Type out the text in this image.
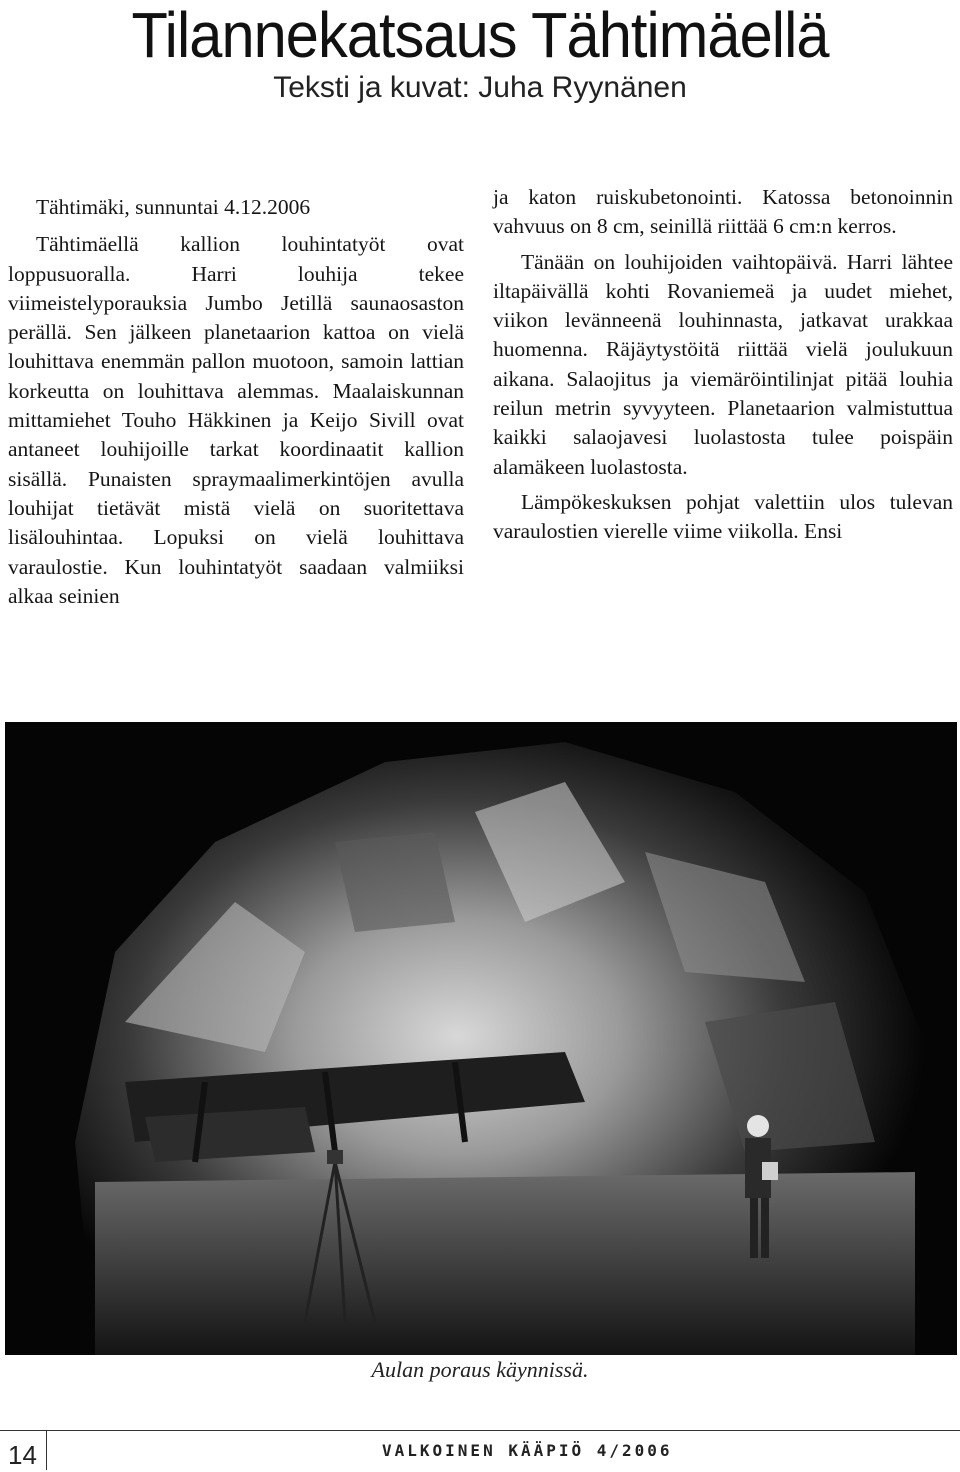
Tilannekatsaus Tähtimäellä
Teksti ja kuvat: Juha Ryynänen

Tähtimäki, sunnuntai 4.12.2006

Tähtimäellä kallion louhintatyöt ovat loppusuoralla. Harri louhija tekee viimeistelyporauksia Jumbo Jetillä saunaosaston perällä. Sen jälkeen planetaarion kattoa on vielä louhittava enemmän pallon muotoon, samoin lattian korkeutta on louhittava alemmas. Maalaiskunnan mittamiehet Touho Häkkinen ja Keijo Sivill ovat antaneet louhijoille tarkat koordinaatit kallion sisällä. Punaisten spraymaalimerkintöjen avulla louhijat tietävät mistä vielä on suoritettava lisälouhintaa. Lopuksi on vielä louhittava varaulostie. Kun louhintatyöt saadaan valmiiksi alkaa seinien

ja katon ruiskubetonointi. Katossa betonoinnin vahvuus on 8 cm, seinillä riittää 6 cm:n kerros.

Tänään on louhijoiden vaihtopäivä. Harri lähtee iltapäivällä kohti Rovaniemeä ja uudet miehet, viikon levänneenä louhinnasta, jatkavat urakkaa huomenna. Räjäytystöitä riittää vielä joulukuun aikana. Salaojitus ja viemäröintilinjat pitää louhia reilun metrin syvyyteen. Planetaarion valmistuttua kaikki salaojavesi luolastosta tulee poispäin alamäkeen luolastosta.

Lämpökeskuksen pohjat valettiin ulos tulevan varaulostien vierelle viime viikolla. Ensi

Aulan poraus käynnissä.
14	VALKOINEN KÄÄPIÖ 4/2006
